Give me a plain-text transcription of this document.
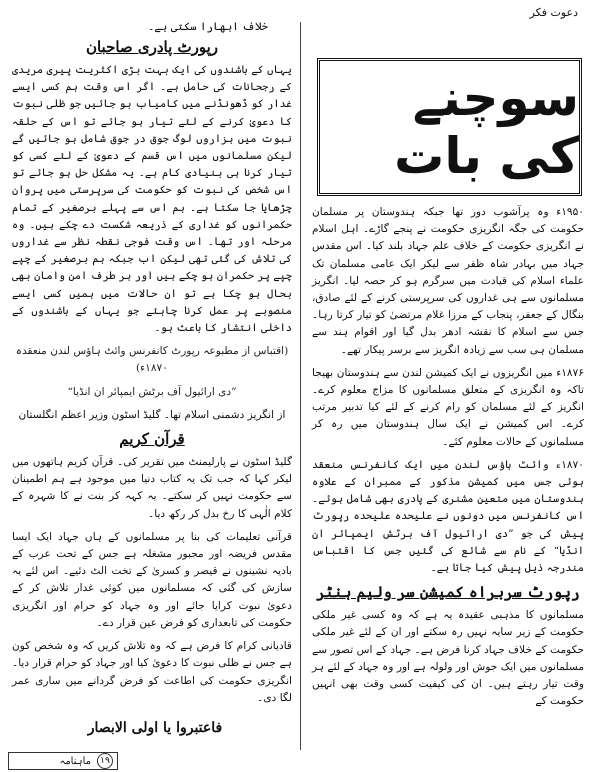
دعوت فکر
خلاف ابھارا سکتی ہے۔
سوچنے کی بات

۱۹۵۰ء وہ پرآشوب دور تھا جبکہ ہندوستان پر مسلمان حکومت کی جگہ انگریزی حکومت نے پنجے گاڑے۔ اہل اسلام نے انگریزی حکومت کے خلاف علم جہاد بلند کیا۔ اس مقدس جہاد میں بہادر شاہ ظفر سے لیکر ایک عامی مسلمان تک علماء اسلام کی قیادت میں سرگرم ہو کر حصہ لیا۔ انگریز مسلمانوں سے ہی غداروں کی سرپرستی کرنے کے لئے صادق، بنگال کے جعفر، پنجاب کے مرزا غلام مرتضیٰ کو تیار کرتا رہا۔ جس سے اسلام کا نقشہ ادھر بدل گیا اور اقوام ہند سے مسلمان ہی سب سے زیادہ انگریز سے برسر پیکار تھے۔

۱۸۷۶ء میں انگریزوں نے ایک کمیشن لندن سے ہندوستان بھیجا تاکہ وہ انگریزی کے متعلق مسلمانوں کا مزاج معلوم کرے۔ انگریز کے لئے مسلمان کو رام کرنے کے لئے کیا تدبیر مرتب کرے۔ اس کمیشن نے ایک سال ہندوستان میں رہ کر مسلمانوں کے حالات معلوم کئے۔

۱۸۷۰ء وائٹ ہاؤس لندن میں ایک کانفرنس منعقد ہوئی جس میں کمیشن مذکور کے ممبران کے علاوہ ہندوستان میں متعین مشنری کے پادری بھی شامل ہوئے۔ اس کانفرنس میں دونوں نے علیحدہ علیحدہ رپورٹ پیش کی جو ”دی ارائیول آف برٹش ایمپائر ان انڈیا“ کے نام سے شائع کی گئیں جس کا اقتباس مندرجہ ذیل پیش کیا جاتا ہے۔

رپورٹ سربراہ کمیشن سر ولیم ہنٹر

مسلمانوں کا مذہبی عقیدہ یہ ہے کہ وہ کسی غیر ملکی حکومت کے زیر سایہ نہیں رہ سکتے اور ان کے لئے غیر ملکی حکومت کے خلاف جہاد کرنا فرض ہے۔ جہاد کے اس تصور سے مسلمانوں میں ایک جوش اور ولولہ ہے اور وہ جہاد کے لئے ہر وقت تیار رہتے ہیں۔ ان کی کیفیت کسی وقت بھی انہیں حکومت کے

رپورٹ پادری صاحبان

یہاں کے باشندوں کی ایک بہت بڑی اکثریت پیری مریدی کے رجحانات کی حامل ہے۔ اگر اس وقت ہم کسی ایسے غدار کو ڈھونڈنے میں کامیاب ہو جائیں جو ظلی نبوت کا دعویٰ کرنے کے لئے تیار ہو جائے تو اس کے حلقہ نبوت میں ہزاروں لوگ جوق در جوق شامل ہو جائیں گے لیکن مسلمانوں میں اس قسم کے دعویٰ کے لئے کسی کو تیار کرنا ہی بنیادی کام ہے۔ یہ مشکل حل ہو جائے تو اس شخص کی نبوت کو حکومت کی سرپرستی میں پروان چڑھایا جا سکتا ہے۔ ہم اس سے پہلے برصغیر کے تمام حکمرانوں کو غداری کے ذریعہ شکست دے چکے ہیں۔ وہ مرحلہ اور تھا۔ اس وقت فوجی نقطہ نظر سے غداروں کی تلاش کی گئی تھی لیکن اب جبکہ ہم برصغیر کے چپے چپے پر حکمران ہو چکے ہیں اور ہر طرف امن وامان بھی بحال ہو چکا ہے تو ان حالات میں ہمیں کسی ایسے منصوبے پر عمل کرنا چاہئے جو یہاں کے باشندوں کے داخلی انتشار کا باعث ہو۔

(اقتباس از مطبوعہ رپورٹ کانفرنس وائٹ ہاؤس لندن منعقدہ ۱۸۷۰ء)

”دی ارائیول آف برٹش ایمپائر ان انڈیا“

از انگریز دشمنی اسلام تھا۔ گلیڈ اسٹون وزیر اعظم انگلستان

قرآن کریم

گلیڈ اسٹون نے پارلیمنٹ میں تقریر کی۔ قرآن کریم ہاتھوں میں لیکر کہا کہ جب تک یہ کتاب دنیا میں موجود ہے ہم اطمینان سے حکومت نہیں کر سکتے۔ یہ کہہ کر بنت نے کا شہرہ کے کلام الٰہی کا رخ بدل کر رکھ دیا۔

قرآنی تعلیمات کی بنا پر مسلمانوں کے ہاں جہاد ایک ایسا مقدس فریضہ اور مجبور مشغلہ ہے جس کے تحت عرب کے بادیہ نشینوں نے قیصر و کسریٰ کے تخت الٹ دئیے۔ اس لئے یہ سازش کی گئی کہ مسلمانوں میں کوئی غدار تلاش کر کے دعویٰ نبوت کرایا جائے اور وہ جہاد کو حرام اور انگریزی حکومت کی تابعداری کو فرض عین قرار دے۔

قادیانی کرام کا فرض ہے کہ وہ تلاش کریں کہ وہ شخص کون ہے جس نے ظلی نبوت کا دعویٰ کیا اور جہاد کو حرام قرار دیا۔ انگریزی حکومت کی اطاعت کو فرض گردانے میں ساری عمر لگا دی۔

فاعتبروا یا اولی الابصار
۱۹
ماہنامہ
